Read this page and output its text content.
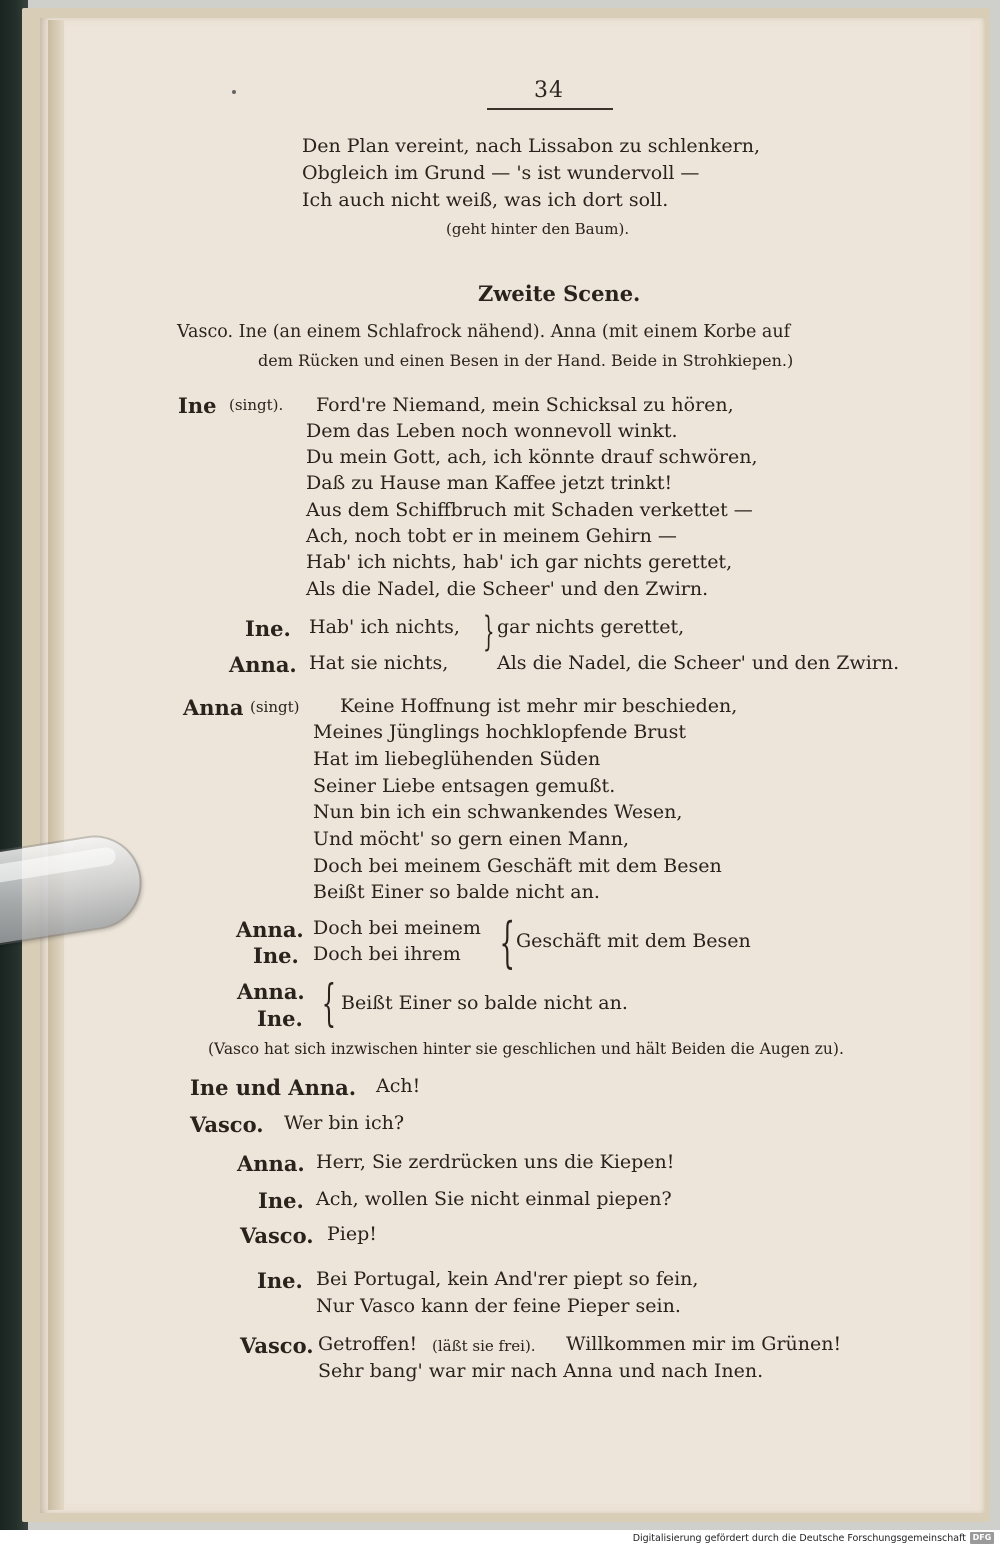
34
Den Plan vereint, nach Lissabon zu schlenkern,
Obgleich im Grund — 's ist wundervoll —
Ich auch nicht weiß, was ich dort soll.
(geht hinter den Baum).
Zweite Scene.
Vasco. Ine (an einem Schlafrock nähend). Anna (mit einem Korbe auf
dem Rücken und einen Besen in der Hand. Beide in Strohkiepen.)
Ine (singt). Ford're Niemand, mein Schicksal zu hören,
Dem das Leben noch wonnevoll winkt.
Du mein Gott, ach, ich könnte drauf schwören,
Daß zu Hause man Kaffee jetzt trinkt!
Aus dem Schiffbruch mit Schaden verkettet —
Ach, noch tobt er in meinem Gehirn —
Hab' ich nichts, hab' ich gar nichts gerettet,
Als die Nadel, die Scheer' und den Zwirn.
Ine. Hab' ich nichts, gar nichts gerettet,
Anna. Hat sie nichts,	Als die Nadel, die Scheer' und den Zwirn.
}
Anna (singt) Keine Hoffnung ist mehr mir beschieden,
Meines Jünglings hochklopfende Brust
Hat im lieb​eglühenden Süden
Seiner Liebe entsagen gemußt.
Nun bin ich ein schwankendes Wesen,
Und möcht' so gern einen Mann,
Doch bei meinem Geschäft mit dem Besen
Beißt Einer so balde nicht an.
Anna. Doch bei meinem
Ine. Doch bei ihrem { Geschäft mit dem Besen
Anna.
Ine. { Beißt Einer so balde nicht an.
(Vasco hat sich inzwischen hinter sie geschlichen und hält Beiden die Augen zu).
Ine und Anna. Ach!
Vasco. Wer bin ich?
Anna. Herr, Sie zerdrücken uns die Kiepen!
Ine. Ach, wollen Sie nicht einmal piepen?
Vasco. Piep!
Ine. Bei Portugal, kein And'rer piept so fein,
Nur Vasco kann der feine Pieper sein.
Vasco. Getroffen! (läßt sie frei). Willkommen mir im Grünen!
Sehr bang' war mir nach Anna und nach Inen.
Digitalisierung gefördert durch die Deutsche Forschungsgemeinschaft DFG
